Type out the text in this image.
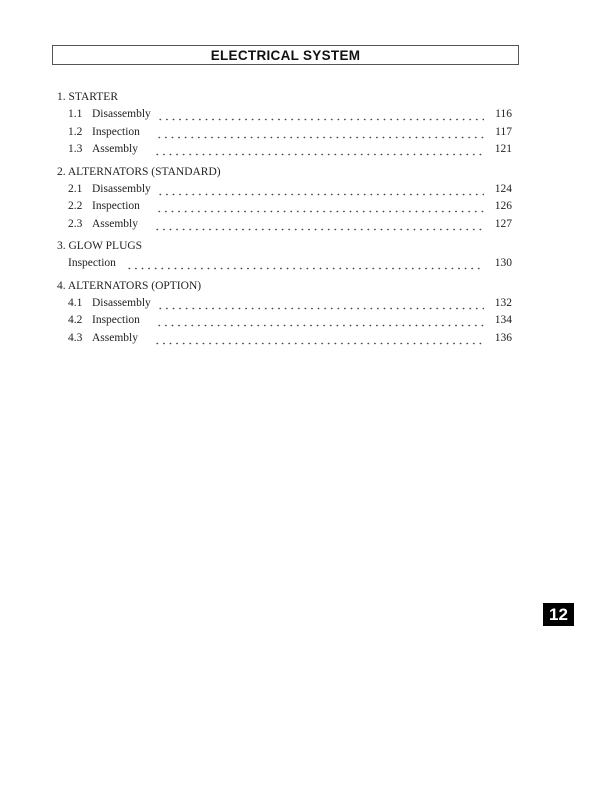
ELECTRICAL SYSTEM
1. STARTER
1.1 Disassembly	116
1.2 Inspection	117
1.3 Assembly	121
2. ALTERNATORS (STANDARD)
2.1 Disassembly	124
2.2 Inspection	126
2.3 Assembly	127
3. GLOW PLUGS
Inspection	130
4. ALTERNATORS (OPTION)
4.1 Disassembly	132
4.2 Inspection	134
4.3 Assembly	136
12
